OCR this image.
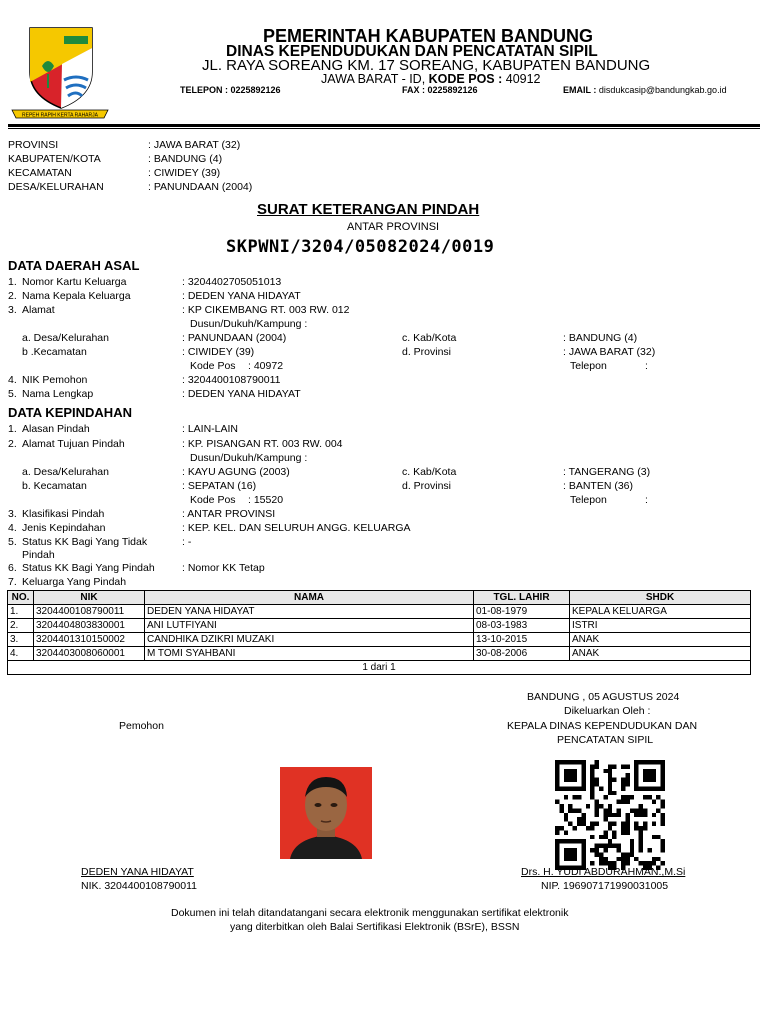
REPEH RAPIH KERTA RAHARJA
PEMERINTAH KABUPATEN BANDUNG
DINAS KEPENDUDUKAN DAN PENCATATAN SIPIL
JL. RAYA SOREANG KM. 17 SOREANG, KABUPATEN BANDUNG
JAWA BARAT - ID, KODE POS : 40912
TELEPON : 0225892126	FAX : 0225892126	EMAIL : disdukcasip@bandungkab.go.id
PROVINSI	: JAWA BARAT (32)
KABUPATEN/KOTA	: BANDUNG (4)
KECAMATAN	: CIWIDEY (39)
DESA/KELURAHAN	: PANUNDAAN (2004)
SURAT KETERANGAN PINDAH
ANTAR PROVINSI
SKPWNI/3204/05082024/0019
DATA DAERAH ASAL
1. Nomor Kartu Keluarga	: 3204402705051013
2. Nama Kepala Keluarga	: DEDEN YANA HIDAYAT
3. Alamat	: KP CIKEMBANG RT. 003 RW. 012
Dusun/Dukuh/Kampung :
a. Desa/Kelurahan	: PANUNDAAN (2004)	c. Kab/Kota	: BANDUNG (4)
b .Kecamatan	: CIWIDEY (39)	d. Provinsi	: JAWA BARAT (32)
Kode Pos : 40972	Telepon	:
4. NIK Pemohon	: 3204400108790011
5. Nama Lengkap	: DEDEN YANA HIDAYAT
DATA KEPINDAHAN
1. Alasan Pindah	: LAIN-LAIN
2. Alamat Tujuan Pindah	: KP. PISANGAN RT. 003 RW. 004
Dusun/Dukuh/Kampung :
a. Desa/Kelurahan	: KAYU AGUNG (2003)	c. Kab/Kota	: TANGERANG (3)
b. Kecamatan	: SEPATAN (16)	d. Provinsi	: BANTEN (36)
Kode Pos : 15520	Telepon	:
3. Klasifikasi Pindah	: ANTAR PROVINSI
4. Jenis Kepindahan	: KEP. KEL. DAN SELURUH ANGG. KELUARGA
5. Status KK Bagi Yang Tidak
Pindah
: -
6. Status KK Bagi Yang Pindah	: Nomor KK Tetap
7. Keluarga Yang Pindah
NO.	NIK	NAMA	TGL. LAHIR	SHDK
1.	3204400108790011	DEDEN YANA HIDAYAT	01-08-1979	KEPALA KELUARGA
2.	3204404803830001	ANI LUTFIYANI	08-03-1983	ISTRI
3.	3204401310150002	CANDHIKA DZIKRI MUZAKI	13-10-2015	ANAK
4.	3204403008060001	M TOMI SYAHBANI	30-08-2006	ANAK
1 dari 1				
BANDUNG , 05 AGUSTUS 2024
Dikeluarkan Oleh :
KEPALA DINAS KEPENDUDUKAN DAN
PENCATATAN SIPIL
Pemohon
DEDEN YANA HIDAYAT
NIK. 3204400108790011
Drs. H. YUDI ABDURAHMAN.,M.Si
NIP. 196907171990031005
Dokumen ini telah ditandatangani secara elektronik menggunakan sertifikat elektronik
yang diterbitkan oleh Balai Sertifikasi Elektronik (BSrE), BSSN
